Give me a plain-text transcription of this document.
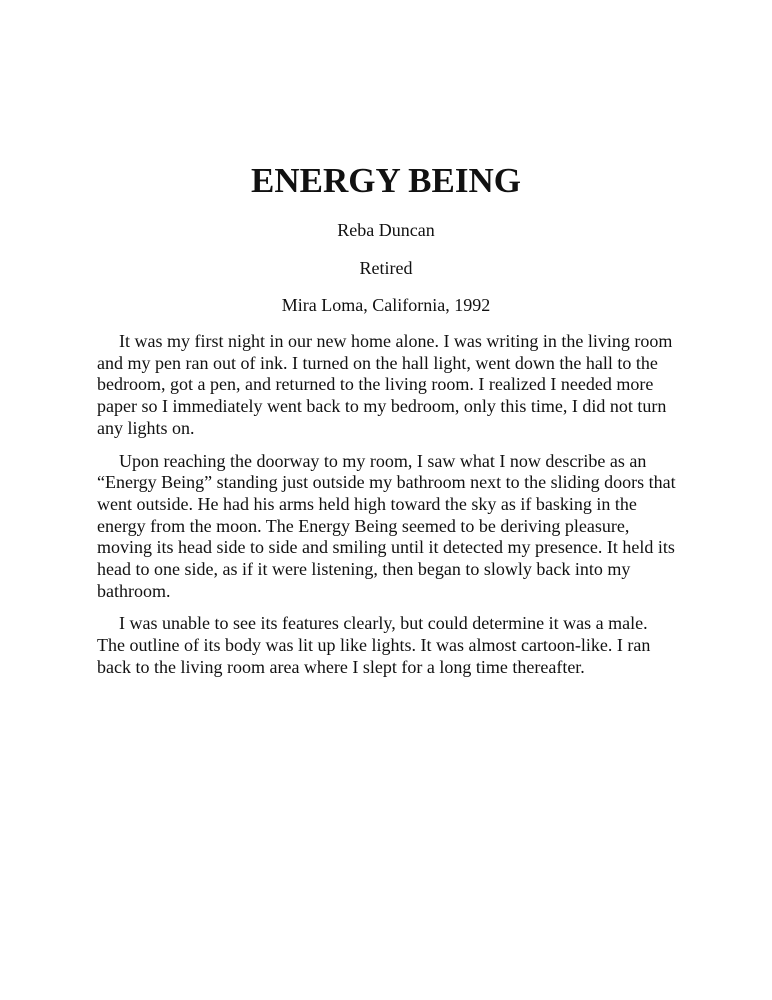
ENERGY BEING

Reba Duncan

Retired

Mira Loma, California, 1992

It was my first night in our new home alone. I was writing in the living room and my pen ran out of ink. I turned on the hall light, went down the hall to the bedroom, got a pen, and returned to the living room. I realized I needed more paper so I immediately went back to my bedroom, only this time, I did not turn any lights on.

Upon reaching the doorway to my room, I saw what I now describe as an “Energy Being” standing just outside my bathroom next to the sliding doors that went outside. He had his arms held high toward the sky as if basking in the energy from the moon. The Energy Being seemed to be deriving pleasure, moving its head side to side and smiling until it detected my presence. It held its head to one side, as if it were listening, then began to slowly back into my bathroom.

I was unable to see its features clearly, but could determine it was a male. The outline of its body was lit up like lights. It was almost cartoon-like. I ran back to the living room area where I slept for a long time thereafter.
